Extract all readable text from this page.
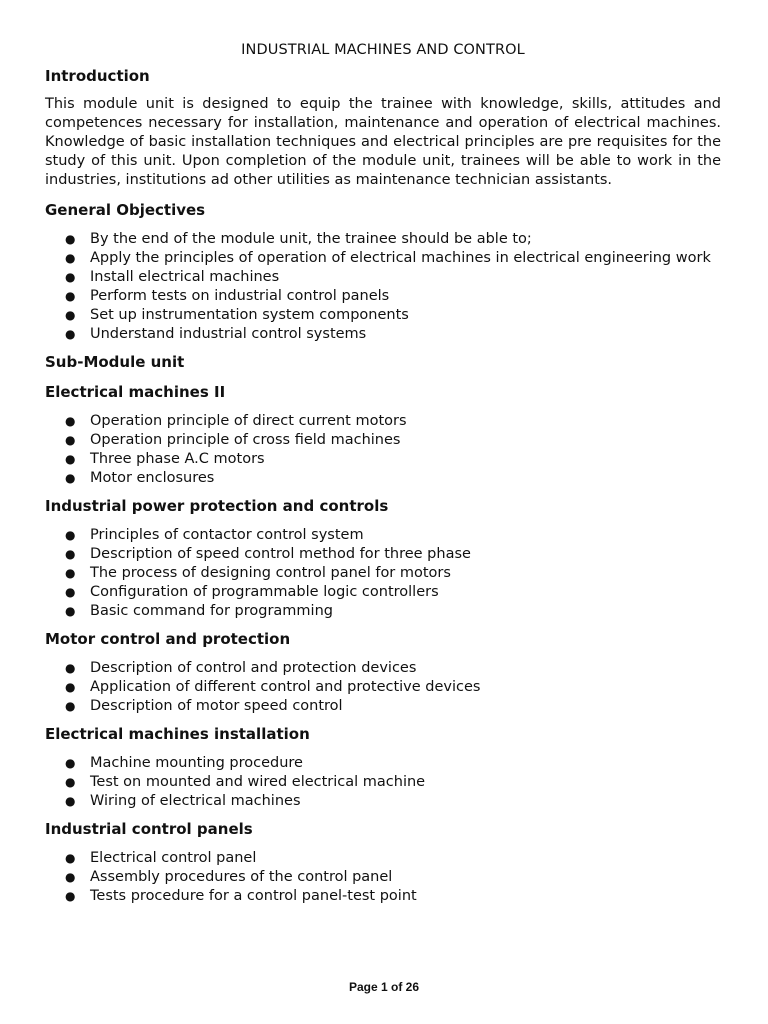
INDUSTRIAL MACHINES AND CONTROL
Introduction

This module unit is designed to equip the trainee with knowledge, skills, attitudes and competences necessary for installation, maintenance and operation of electrical machines. Knowledge of basic installation techniques and electrical principles are pre requisites for the study of this unit. Upon completion of the module unit, trainees will be able to work in the industries, institutions ad other utilities as maintenance technician assistants.

General Objectives
● By the end of the module unit, the trainee should be able to;
● Apply the principles of operation of electrical machines in electrical engineering work
● Install electrical machines
● Perform tests on industrial control panels
● Set up instrumentation system components
● Understand industrial control systems
Sub-Module unit
Electrical machines II
● Operation principle of direct current motors
● Operation principle of cross field machines
● Three phase A.C motors
● Motor enclosures
Industrial power protection and controls
● Principles of contactor control system
● Description of speed control method for three phase
● The process of designing control panel for motors
● Configuration of programmable logic controllers
● Basic command for programming
Motor control and protection
● Description of control and protection devices
● Application of different control and protective devices
● Description of motor speed control
Electrical machines installation
● Machine mounting procedure
● Test on mounted and wired electrical machine
● Wiring of electrical machines
Industrial control panels
● Electrical control panel
● Assembly procedures of the control panel
● Tests procedure for a control panel-test point
Page 1 of 26
